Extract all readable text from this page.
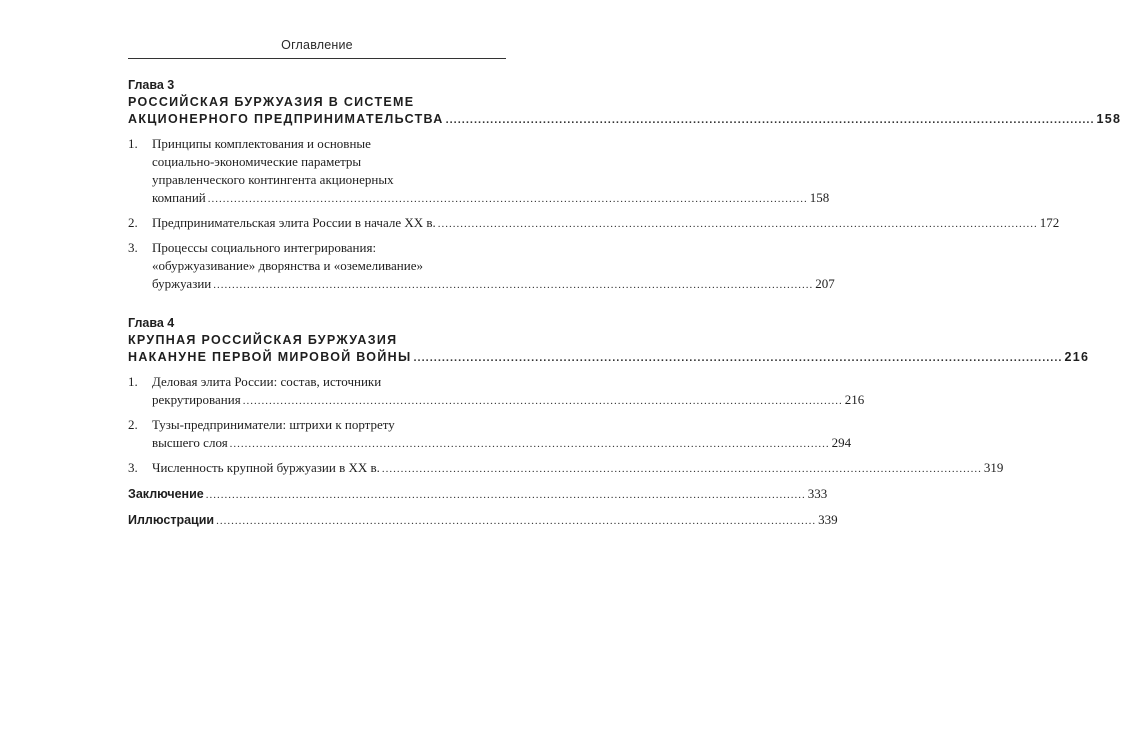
Оглавление
Глава 3
РОССИЙСКАЯ БУРЖУАЗИЯ В СИСТЕМЕ
АКЦИОНЕРНОГО ПРЕДПРИНИМАТЕЛЬСТВА ................................................................................................................................................................ 158
1.	Принципы комплектования и основные
социально-экономические параметры
управленческого контингента акционерных
компаний ................................................................................................................................................................ 158
2.	Предпринимательская элита России в начале XX в. ................................................................................................................................................................ 172
3.	Процессы социального интегрирования:
«обуржуазивание» дворянства и «оземеливание»
буржуазии ................................................................................................................................................................ 207
Глава 4
КРУПНАЯ РОССИЙСКАЯ БУРЖУАЗИЯ
НАКАНУНЕ ПЕРВОЙ МИРОВОЙ ВОЙНЫ ................................................................................................................................................................ 216
1.	Деловая элита России: состав, источники
рекрутирования ................................................................................................................................................................ 216
2.	Тузы-предприниматели: штрихи к портрету
высшего слоя ................................................................................................................................................................ 294
3.	Численность крупной буржуазии в XX в. ................................................................................................................................................................ 319
Заключение ................................................................................................................................................................ 333
Иллюстрации ................................................................................................................................................................ 339
